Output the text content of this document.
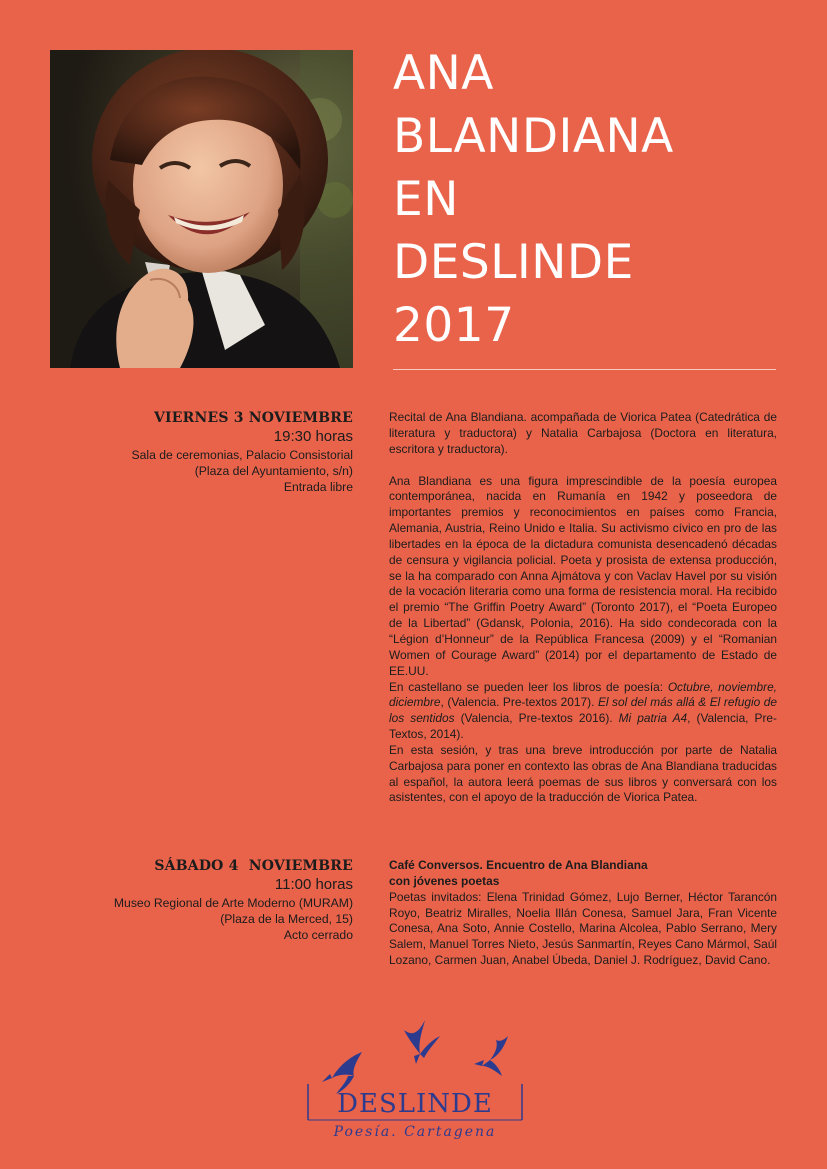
ANA
BLANDIANA
EN
DESLINDE
2017
VIERNES 3 NOVIEMBRE
19:30 horas
Sala de ceremonias, Palacio Consistorial
(Plaza del Ayuntamiento, s/n)
Entrada libre

Recital de Ana Blandiana. acompañada de Viorica Patea (Catedrática de literatura y traductora) y Natalia Carbajosa (Doctora en literatura, escritora y traductora).

Ana Blandiana es una figura imprescindible de la poesía europea contemporánea, nacida en Rumanía en 1942 y poseedora de importantes premios y reconocimientos en países como Francia, Alemania, Austria, Reino Unido e Italia. Su activismo cívico en pro de las libertades en la época de la dictadura comunista desencadenó décadas de censura y vigilancia policial. Poeta y prosista de extensa producción, se la ha comparado con Anna Ajmátova y con Vaclav Havel por su visión de la vocación literaria como una forma de resistencia moral. Ha recibido el premio “The Griffin Poetry Award” (Toronto 2017), el “Poeta Europeo de la Libertad” (Gdansk, Polonia, 2016). Ha sido condecorada con la “Légion d’Honneur” de la República Francesa (2009) y el “Romanian Women of Courage Award” (2014) por el departamento de Estado de EE.UU.

En castellano se pueden leer los libros de poesía: Octubre, noviembre, diciembre, (Valencia. Pre-textos 2017). El sol del más allá & El refugio de los sentidos (Valencia, Pre-textos 2016). Mi patria A4, (Valencia, Pre-Textos, 2014).

En esta sesión, y tras una breve introducción por parte de Natalia Carbajosa para poner en contexto las obras de Ana Blandiana traducidas al español, la autora leerá poemas de sus libros y conversará con los asistentes, con el apoyo de la traducción de Viorica Patea.

SÁBADO 4  NOVIEMBRE
11:00 horas
Museo Regional de Arte Moderno (MURAM)
(Plaza de la Merced, 15)
Acto cerrado
Café Conversos. Encuentro de Ana Blandiana
con jóvenes poetas

Poetas invitados: Elena Trinidad Gómez, Lujo Berner, Héctor Tarancón Royo, Beatriz Miralles, Noelia Illán Conesa, Samuel Jara, Fran Vicente Conesa, Ana Soto, Annie Costello, Marina Alcolea, Pablo Serrano, Mery Salem, Manuel Torres Nieto, Jesús Sanmartín, Reyes Cano Mármol, Saúl Lozano, Carmen Juan, Anabel Úbeda, Daniel J. Rodríguez, David Cano.

DESLINDE
Poesía. Cartagena
